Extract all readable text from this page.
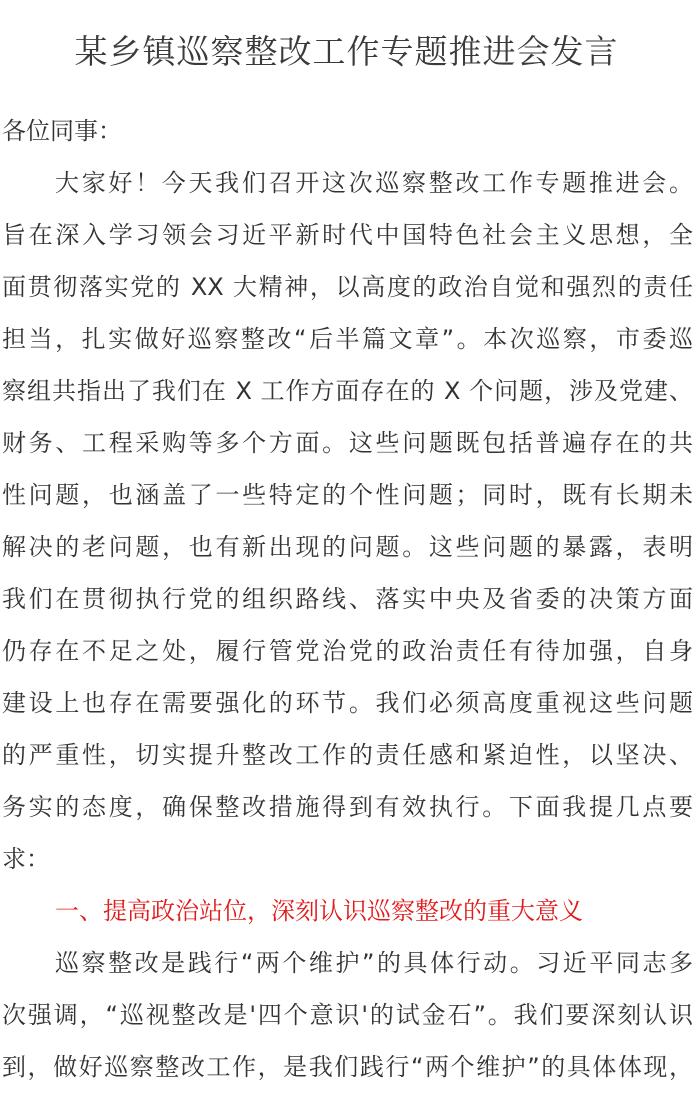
某乡镇巡察整改工作专题推进会发言
各位同事：
大家好！今天我们召开这次巡察整改工作专题推进会。
旨在深入学习领会习近平新时代中国特色社会主义思想，全
面贯彻落实党的 XX 大精神，以高度的政治自觉和强烈的责任
担当，扎实做好巡察整改“后半篇文章”。本次巡察，市委巡
察组共指出了我们在 X 工作方面存在的 X 个问题，涉及党建、
财务、工程采购等多个方面。这些问题既包括普遍存在的共
性问题，也涵盖了一些特定的个性问题；同时，既有长期未
解决的老问题，也有新出现的问题。这些问题的暴露，表明
我们在贯彻执行党的组织路线、落实中央及省委的决策方面
仍存在不足之处，履行管党治党的政治责任有待加强，自身
建设上也存在需要强化的环节。我们必须高度重视这些问题
的严重性，切实提升整改工作的责任感和紧迫性，以坚决、
务实的态度，确保整改措施得到有效执行。下面我提几点要
求：
一、提高政治站位，深刻认识巡察整改的重大意义
巡察整改是践行“两个维护”的具体行动。习近平同志多
次强调，“巡视整改是'四个意识'的试金石”。我们要深刻认识
到，做好巡察整改工作，是我们践行“两个维护”的具体体现，
